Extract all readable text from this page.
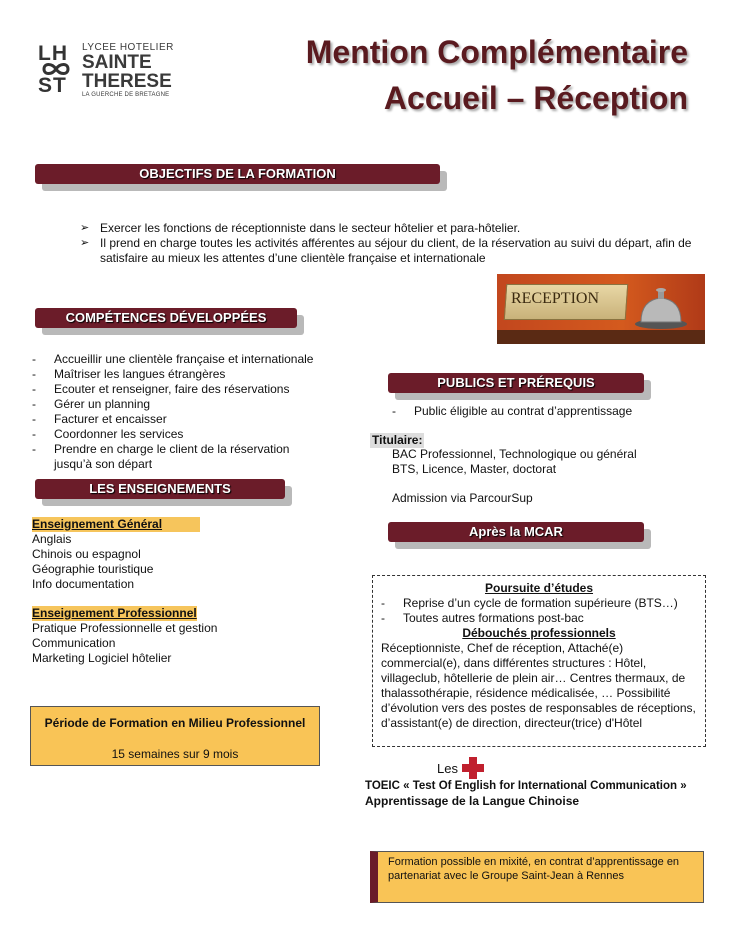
LH
ST
LYCEE HOTELIER
SAINTE
THERESE
LA GUERCHE DE BRETAGNE
Mention Complémentaire
Accueil – Réception
OBJECTIFS DE LA FORMATION
➢ Exercer les fonctions de réceptionniste dans le secteur hôtelier et para-hôtelier.
➢ Il prend en charge toutes les activités afférentes au séjour du client, de la réservation au suivi du départ, afin de satisfaire au mieux les attentes d’une clientèle française et internationale
RECEPTION
COMPÉTENCES DÉVELOPPÉES
- Accueillir une clientèle française et internationale
- Maîtriser les langues étrangères
- Ecouter et renseigner, faire des réservations
- Gérer un planning
- Facturer et encaisser
- Coordonner les services
- Prendre en charge le client de la réservation jusqu’à son départ
PUBLICS ET PRÉREQUIS
- Public éligible au contrat d’apprentissage
Titulaire:
BAC Professionnel, Technologique ou général
BTS, Licence, Master, doctorat
Admission via ParcourSup
LES ENSEIGNEMENTS
Enseignement Général
Anglais
Chinois ou espagnol
Géographie touristique
Info documentation
Enseignement Professionnel
Pratique Professionnelle et gestion
Communication
Marketing Logiciel hôtelier
Après la MCAR
Poursuite d’études
- Reprise d’un cycle de formation supérieure (BTS…)
- Toutes autres formations post-bac
Débouchés professionnels
Réceptionniste, Chef de réception, Attaché(e) commercial(e), dans différentes structures : Hôtel, villageclub, hôtellerie de plein air… Centres thermaux, de thalassothérapie, résidence médicalisée, … Possibilité d’évolution vers des postes de responsables de réceptions, d’assistant(e) de direction, directeur(trice) d'Hôtel
Période de Formation en Milieu Professionnel
15 semaines sur 9 mois
Les
TOEIC « Test Of English for International Communication »
Apprentissage de la Langue Chinoise
Formation possible en mixité, en contrat d’apprentissage en partenariat avec le Groupe Saint-Jean à Rennes
